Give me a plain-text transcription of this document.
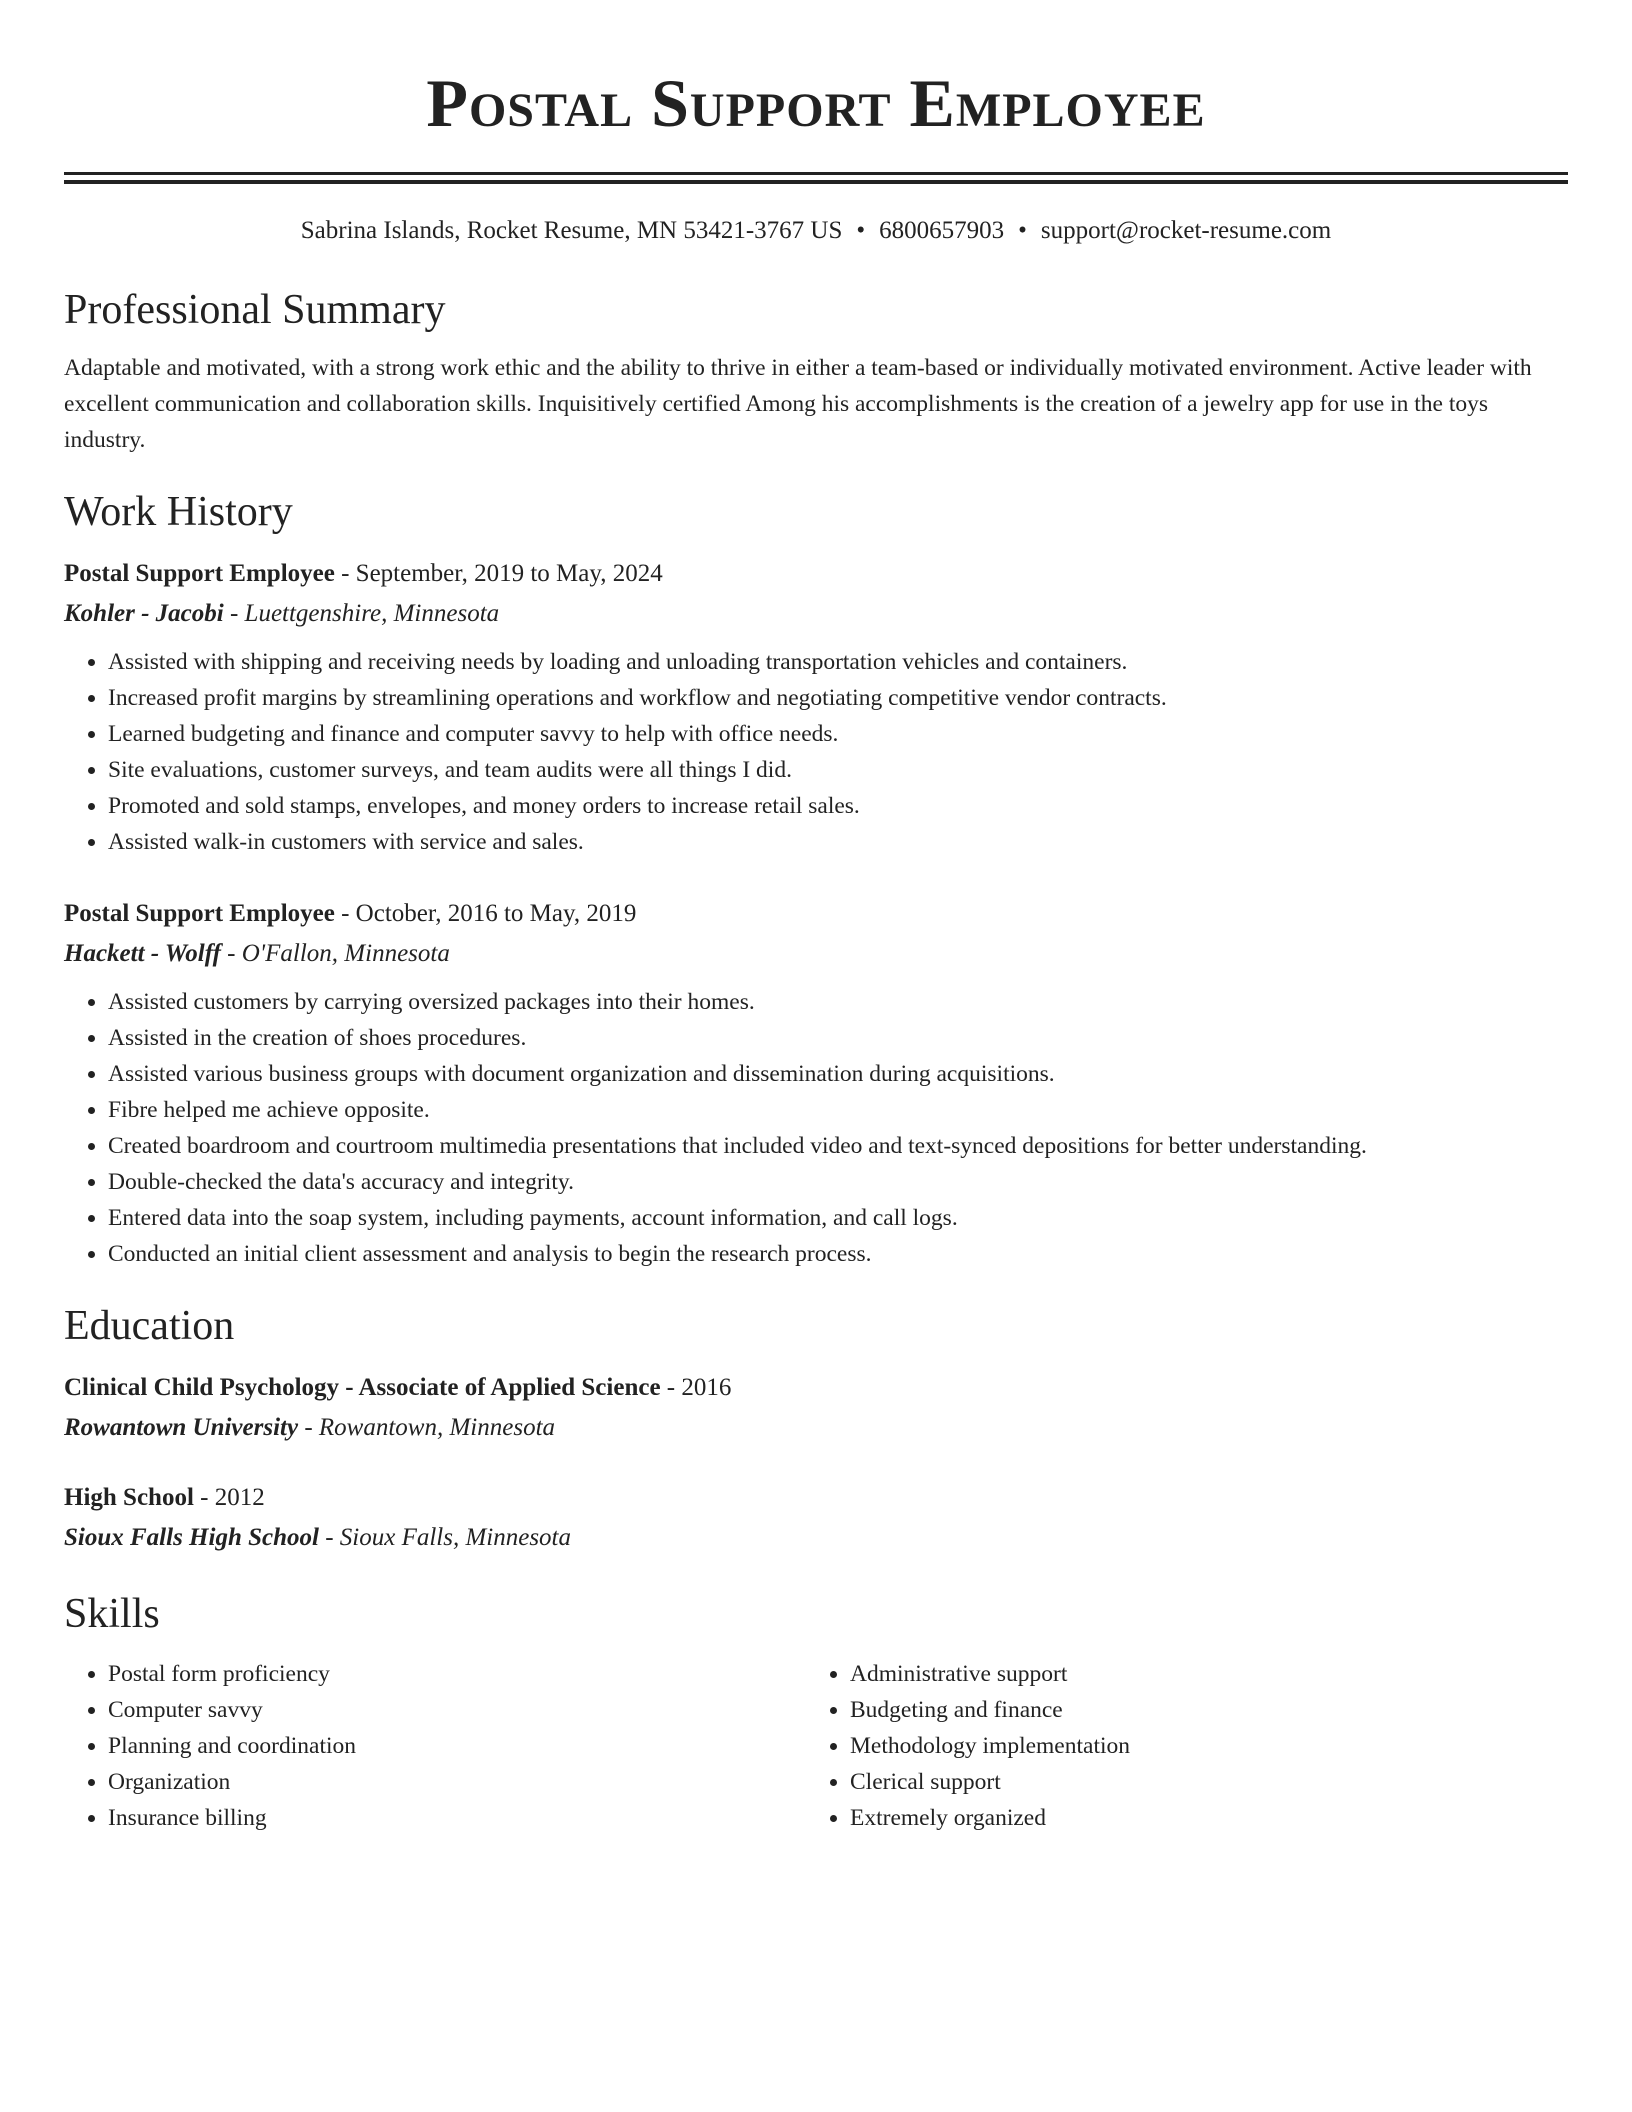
Postal Support Employee
Sabrina Islands, Rocket Resume, MN 53421-3767 US • 6800657903 • support@rocket-resume.com
Professional Summary
Adaptable and motivated, with a strong work ethic and the ability to thrive in either a team-based or individually motivated environment. Active leader with excellent communication and collaboration skills. Inquisitively certified Among his accomplishments is the creation of a jewelry app for use in the toys industry.
Work History
Postal Support Employee - September, 2019 to May, 2024
Kohler - Jacobi - Luettgenshire, Minnesota
• Assisted with shipping and receiving needs by loading and unloading transportation vehicles and containers.
• Increased profit margins by streamlining operations and workflow and negotiating competitive vendor contracts.
• Learned budgeting and finance and computer savvy to help with office needs.
• Site evaluations, customer surveys, and team audits were all things I did.
• Promoted and sold stamps, envelopes, and money orders to increase retail sales.
• Assisted walk-in customers with service and sales.
Postal Support Employee - October, 2016 to May, 2019
Hackett - Wolff - O'Fallon, Minnesota
• Assisted customers by carrying oversized packages into their homes.
• Assisted in the creation of shoes procedures.
• Assisted various business groups with document organization and dissemination during acquisitions.
• Fibre helped me achieve opposite.
• Created boardroom and courtroom multimedia presentations that included video and text-synced depositions for better understanding.
• Double-checked the data's accuracy and integrity.
• Entered data into the soap system, including payments, account information, and call logs.
• Conducted an initial client assessment and analysis to begin the research process.
Education
Clinical Child Psychology - Associate of Applied Science - 2016
Rowantown University - Rowantown, Minnesota
High School - 2012
Sioux Falls High School - Sioux Falls, Minnesota
Skills
• Postal form proficiency
• Computer savvy
• Planning and coordination
• Organization
• Insurance billing
• Administrative support
• Budgeting and finance
• Methodology implementation
• Clerical support
• Extremely organized
